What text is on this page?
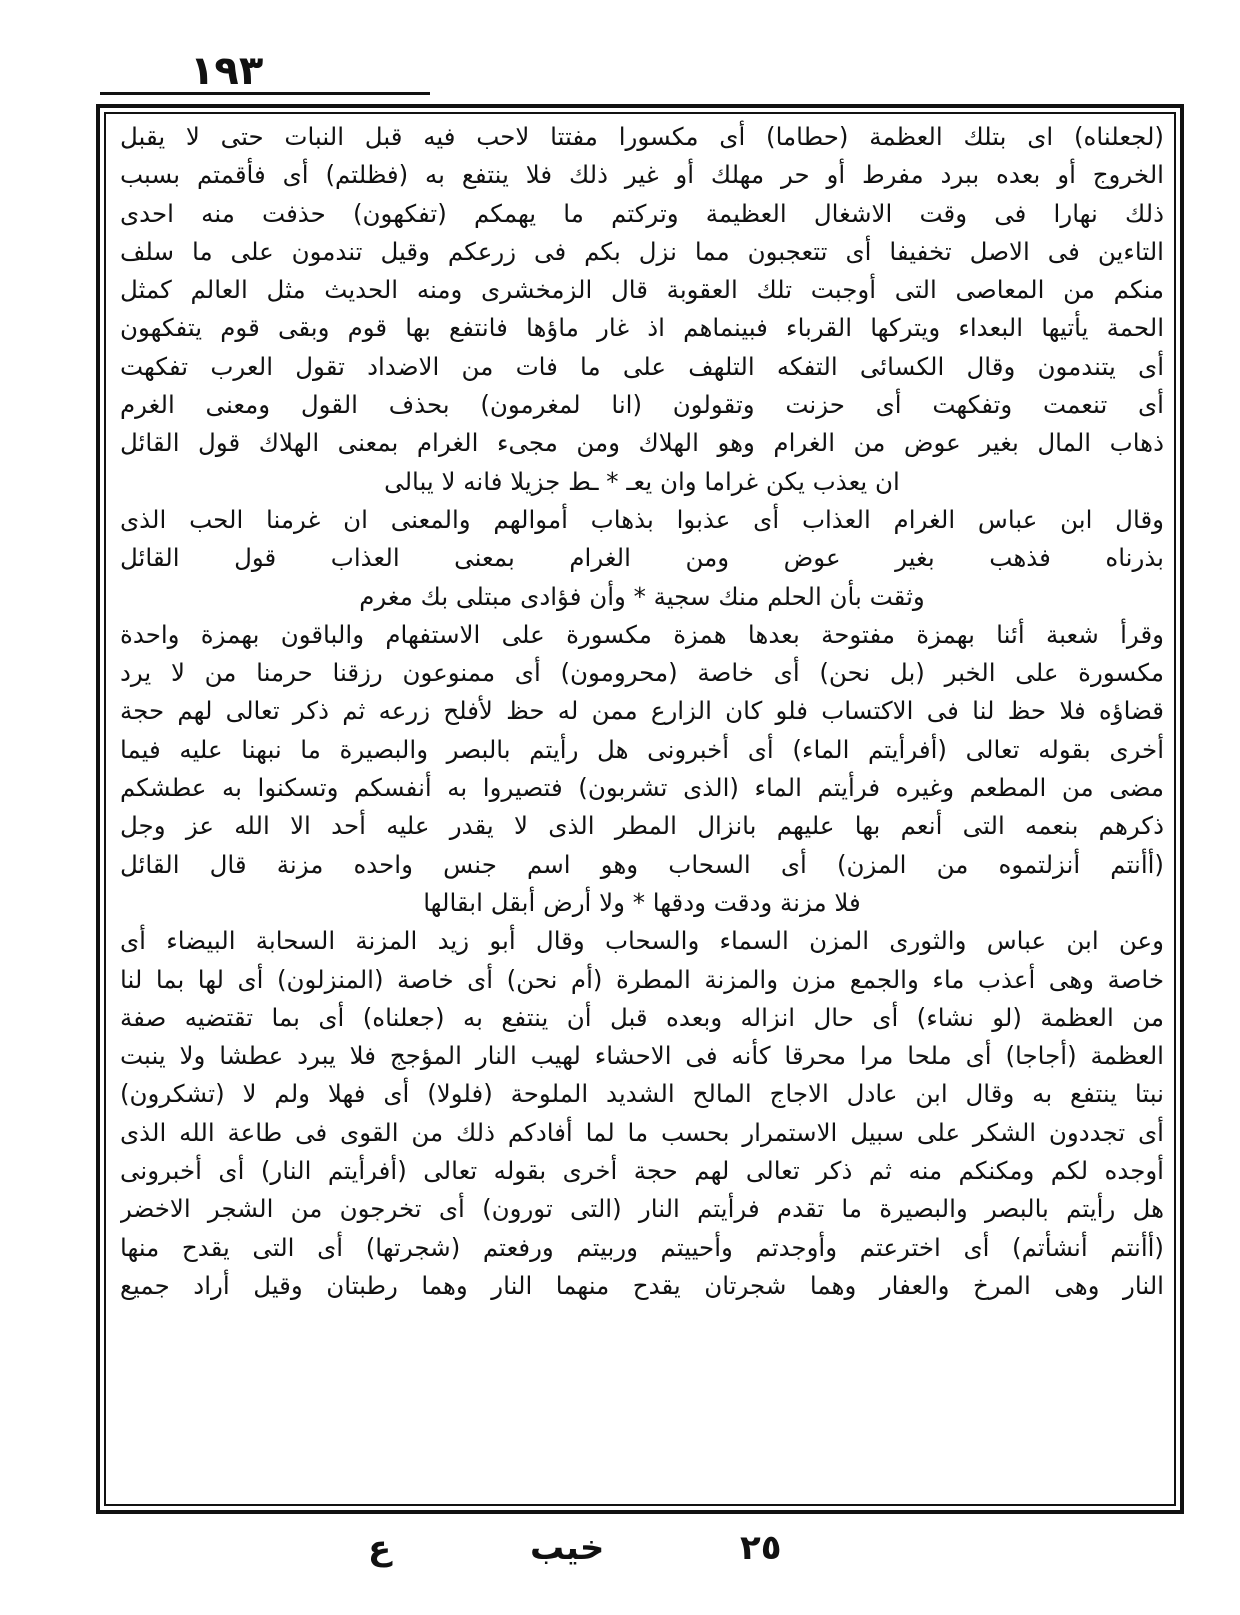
١٩٣
(لجعلناه) اى بتلك العظمة (حطاما) أى مكسورا مفتتا لاحب فيه قبل النبات حتى لا يقبل
الخروج أو بعده ببرد مفرط أو حر مهلك أو غير ذلك فلا ينتفع به (فظلتم) أى فأقمتم بسبب
ذلك نهارا فى وقت الاشغال العظيمة وتركتم ما يهمكم (تفكهون) حذفت منه احدى
التاءين فى الاصل تخفيفا أى تتعجبون مما نزل بكم فى زرعكم وقيل تندمون على ما سلف
منكم من المعاصى التى أوجبت تلك العقوبة قال الزمخشرى ومنه الحديث مثل العالم كمثل
الحمة يأتيها البعداء ويتركها القرباء فبينماهم اذ غار ماؤها فانتفع بها قوم وبقى قوم يتفكهون
أى يتندمون وقال الكسائى التفكه التلهف على ما فات من الاضداد تقول العرب تفكهت
أى تنعمت وتفكهت أى حزنت وتقولون (انا لمغرمون) بحذف القول ومعنى الغرم
ذهاب المال بغير عوض من الغرام وهو الهلاك ومن مجىء الغرام بمعنى الهلاك قول القائل
ان يعذب يكن غراما وان يعـ * ـط جزيلا فانه لا يبالى
وقال ابن عباس الغرام العذاب أى عذبوا بذهاب أموالهم والمعنى ان غرمنا الحب الذى
بذرناه فذهب بغير عوض ومن الغرام بمعنى العذاب قول القائل
وثقت بأن الحلم منك سجية * وأن فؤادى مبتلى بك مغرم
وقرأ شعبة أئنا بهمزة مفتوحة بعدها همزة مكسورة على الاستفهام والباقون بهمزة واحدة
مكسورة على الخبر (بل نحن) أى خاصة (محرومون) أى ممنوعون رزقنا حرمنا من لا يرد
قضاؤه فلا حظ لنا فى الاكتساب فلو كان الزارع ممن له حظ لأفلح زرعه ثم ذكر تعالى لهم حجة
أخرى بقوله تعالى (أفرأيتم الماء) أى أخبرونى هل رأيتم بالبصر والبصيرة ما نبهنا عليه فيما
مضى من المطعم وغيره فرأيتم الماء (الذى تشربون) فتصيروا به أنفسكم وتسكنوا به عطشكم
ذكرهم بنعمه التى أنعم بها عليهم بانزال المطر الذى لا يقدر عليه أحد الا الله عز وجل
(أأنتم أنزلتموه من المزن) أى السحاب وهو اسم جنس واحده مزنة قال القائل
فلا مزنة ودقت ودقها * ولا أرض أبقل ابقالها
وعن ابن عباس والثورى المزن السماء والسحاب وقال أبو زيد المزنة السحابة البيضاء أى
خاصة وهى أعذب ماء والجمع مزن والمزنة المطرة (أم نحن) أى خاصة (المنزلون) أى لها بما لنا
من العظمة (لو نشاء) أى حال انزاله وبعده قبل أن ينتفع به (جعلناه) أى بما تقتضيه صفة
العظمة (أجاجا) أى ملحا مرا محرقا كأنه فى الاحشاء لهيب النار المؤجج فلا يبرد عطشا ولا ينبت
نبتا ينتفع به وقال ابن عادل الاجاج المالح الشديد الملوحة (فلولا) أى فهلا ولم لا (تشكرون)
أى تجددون الشكر على سبيل الاستمرار بحسب ما لما أفادكم ذلك من القوى فى طاعة الله الذى
أوجده لكم ومكنكم منه ثم ذكر تعالى لهم حجة أخرى بقوله تعالى (أفرأيتم النار) أى أخبرونى
هل رأيتم بالبصر والبصيرة ما تقدم فرأيتم النار (التى تورون) أى تخرجون من الشجر الاخضر
(أأنتم أنشأتم) أى اخترعتم وأوجدتم وأحييتم وربيتم ورفعتم (شجرتها) أى التى يقدح منها
النار وهى المرخ والعفار وهما شجرتان يقدح منهما النار وهما رطبتان وقيل أراد جميع
٢٥
خيب
ع
